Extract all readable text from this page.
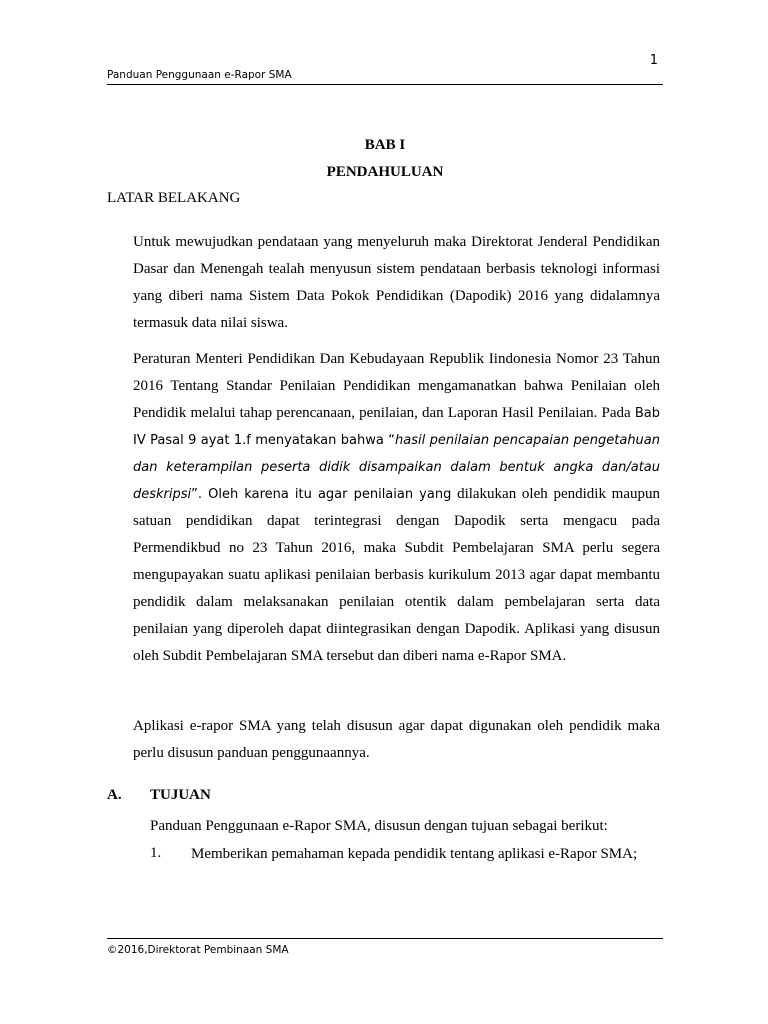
1
Panduan Penggunaan e-Rapor SMA
BAB I
PENDAHULUAN
LATAR BELAKANG
Untuk mewujudkan pendataan yang menyeluruh maka Direktorat Jenderal Pendidikan Dasar dan Menengah tealah menyusun sistem pendataan berbasis teknologi informasi yang diberi nama Sistem Data Pokok Pendidikan (Dapodik) 2016 yang didalamnya termasuk data nilai siswa.
Peraturan Menteri Pendidikan Dan Kebudayaan Republik Iindonesia Nomor 23 Tahun 2016 Tentang Standar Penilaian Pendidikan mengamanatkan bahwa Penilaian oleh Pendidik melalui tahap perencanaan, penilaian, dan Laporan Hasil Penilaian. Pada Bab IV Pasal 9 ayat 1.f menyatakan bahwa “hasil penilaian pencapaian pengetahuan dan keterampilan peserta didik disampaikan dalam bentuk angka dan/atau deskripsi”. Oleh karena itu agar penilaian yang dilakukan oleh pendidik maupun satuan pendidikan dapat terintegrasi dengan Dapodik serta mengacu pada Permendikbud no 23 Tahun 2016, maka Subdit Pembelajaran SMA perlu segera mengupayakan suatu aplikasi penilaian berbasis kurikulum 2013 agar dapat membantu pendidik dalam melaksanakan penilaian otentik dalam pembelajaran serta data penilaian yang diperoleh dapat diintegrasikan dengan Dapodik. Aplikasi yang disusun oleh Subdit Pembelajaran SMA tersebut dan diberi nama e-Rapor SMA.
Aplikasi e-rapor SMA yang telah disusun agar dapat digunakan oleh pendidik maka perlu disusun panduan penggunaannya.
A. TUJUAN
Panduan Penggunaan e-Rapor SMA, disusun dengan tujuan sebagai berikut:
1. Memberikan pemahaman kepada pendidik tentang aplikasi e-Rapor SMA;
©2016,Direktorat Pembinaan SMA
